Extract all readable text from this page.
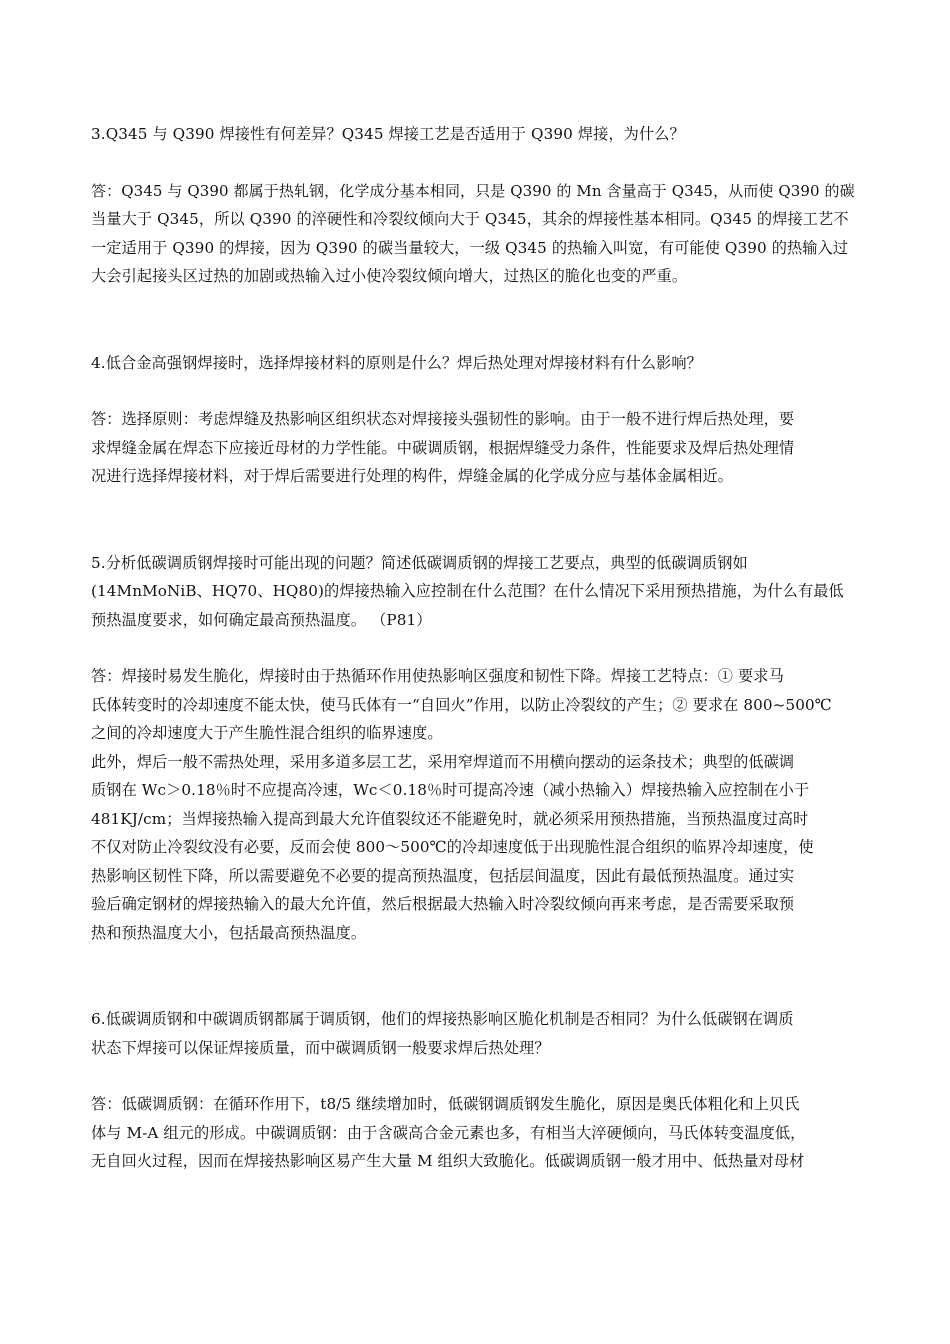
3.Q345 与 Q390 焊接性有何差异？Q345 焊接工艺是否适用于 Q390 焊接，为什么？

答：Q345 与 Q390 都属于热轧钢，化学成分基本相同，只是 Q390 的 Mn 含量高于 Q345，从而使 Q390 的碳
当量大于 Q345，所以 Q390 的淬硬性和冷裂纹倾向大于 Q345，其余的焊接性基本相同。Q345 的焊接工艺不
一定适用于 Q390 的焊接，因为 Q390 的碳当量较大，一级 Q345 的热输入叫宽，有可能使 Q390 的热输入过
大会引起接头区过热的加剧或热输入过小使冷裂纹倾向增大，过热区的脆化也变的严重。

4.低合金高强钢焊接时，选择焊接材料的原则是什么？焊后热处理对焊接材料有什么影响？

答：选择原则：考虑焊缝及热影响区组织状态对焊接接头强韧性的影响。由于一般不进行焊后热处理，要
求焊缝金属在焊态下应接近母材的力学性能。中碳调质钢，根据焊缝受力条件，性能要求及焊后热处理情
况进行选择焊接材料，对于焊后需要进行处理的构件，焊缝金属的化学成分应与基体金属相近。

5.分析低碳调质钢焊接时可能出现的问题？简述低碳调质钢的焊接工艺要点，典型的低碳调质钢如
(14MnMoNiB、HQ70、HQ80)的焊接热输入应控制在什么范围？在什么情况下采用预热措施，为什么有最低
预热温度要求，如何确定最高预热温度。 （P81）

答：焊接时易发生脆化，焊接时由于热循环作用使热影响区强度和韧性下降。焊接工艺特点：① 要求马
氏体转变时的冷却速度不能太快，使马氏体有一“自回火”作用，以防止冷裂纹的产生；② 要求在 800~500℃
之间的冷却速度大于产生脆性混合组织的临界速度。
此外，焊后一般不需热处理，采用多道多层工艺，采用窄焊道而不用横向摆动的运条技术；典型的低碳调
质钢在 Wc＞0.18％时不应提高冷速，Wc＜0.18％时可提高冷速（减小热输入）焊接热输入应控制在小于
481KJ/cm；当焊接热输入提高到最大允许值裂纹还不能避免时，就必须采用预热措施，当预热温度过高时
不仅对防止冷裂纹没有必要，反而会使 800～500℃的冷却速度低于出现脆性混合组织的临界冷却速度，使
热影响区韧性下降，所以需要避免不必要的提高预热温度，包括层间温度，因此有最低预热温度。通过实
验后确定钢材的焊接热输入的最大允许值，然后根据最大热输入时冷裂纹倾向再来考虑，是否需要采取预
热和预热温度大小，包括最高预热温度。

6.低碳调质钢和中碳调质钢都属于调质钢，他们的焊接热影响区脆化机制是否相同？为什么低碳钢在调质
状态下焊接可以保证焊接质量，而中碳调质钢一般要求焊后热处理？

答：低碳调质钢：在循环作用下，t8/5 继续增加时，低碳钢调质钢发生脆化，原因是奥氏体粗化和上贝氏
体与 M-A 组元的形成。中碳调质钢：由于含碳高合金元素也多，有相当大淬硬倾向，马氏体转变温度低，
无自回火过程，因而在焊接热影响区易产生大量 M 组织大致脆化。低碳调质钢一般才用中、低热量对母材
